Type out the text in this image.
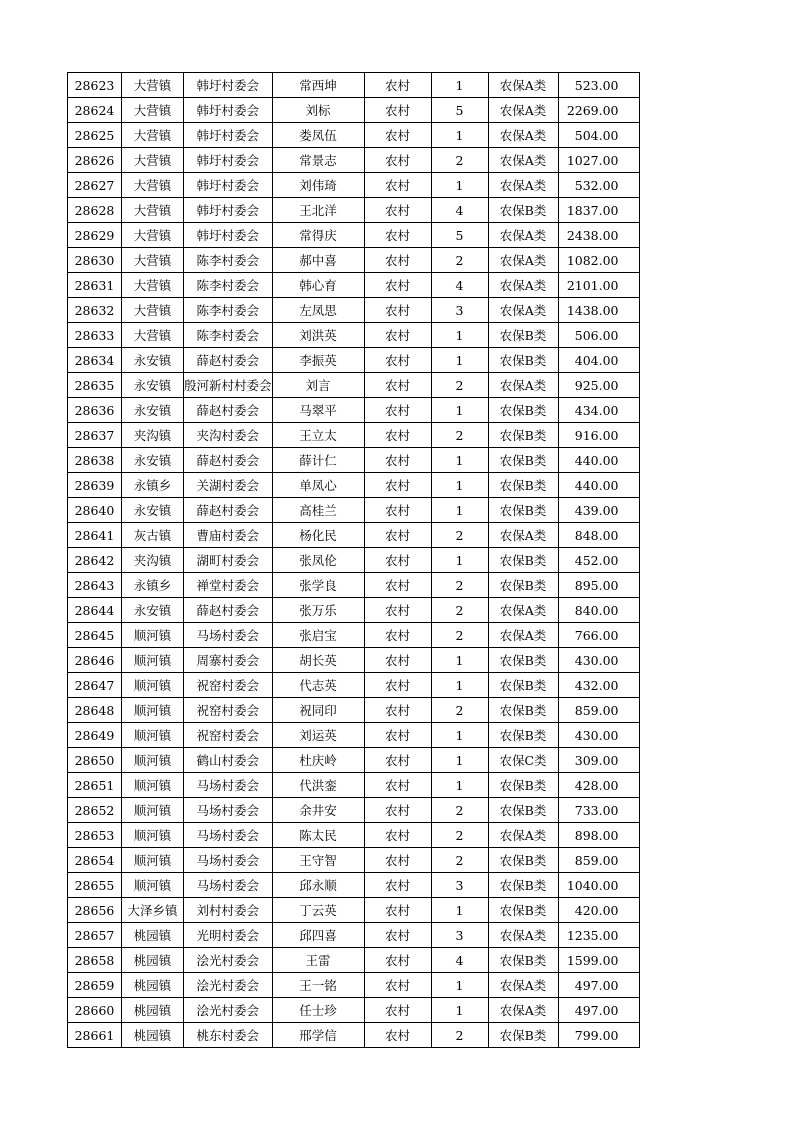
28623	大营镇	韩圩村委会	常西坤	农村	1	农保A类	523.00
28624	大营镇	韩圩村委会	刘标	农村	5	农保A类	2269.00
28625	大营镇	韩圩村委会	娄凤伍	农村	1	农保A类	504.00
28626	大营镇	韩圩村委会	常景志	农村	2	农保A类	1027.00
28627	大营镇	韩圩村委会	刘伟琦	农村	1	农保A类	532.00
28628	大营镇	韩圩村委会	王北洋	农村	4	农保B类	1837.00
28629	大营镇	韩圩村委会	常得庆	农村	5	农保A类	2438.00
28630	大营镇	陈李村委会	郝中喜	农村	2	农保A类	1082.00
28631	大营镇	陈李村委会	韩心育	农村	4	农保A类	2101.00
28632	大营镇	陈李村委会	左凤思	农村	3	农保A类	1438.00
28633	大营镇	陈李村委会	刘洪英	农村	1	农保B类	506.00
28634	永安镇	薛赵村委会	李振英	农村	1	农保B类	404.00
28635	永安镇	殷河新村村委会	刘言	农村	2	农保A类	925.00
28636	永安镇	薛赵村委会	马翠平	农村	1	农保B类	434.00
28637	夹沟镇	夹沟村委会	王立太	农村	2	农保B类	916.00
28638	永安镇	薛赵村委会	薛计仁	农村	1	农保B类	440.00
28639	永镇乡	关湖村委会	单凤心	农村	1	农保B类	440.00
28640	永安镇	薛赵村委会	高桂兰	农村	1	农保B类	439.00
28641	灰古镇	曹庙村委会	杨化民	农村	2	农保A类	848.00
28642	夹沟镇	湖町村委会	张凤伦	农村	1	农保B类	452.00
28643	永镇乡	禅堂村委会	张学良	农村	2	农保B类	895.00
28644	永安镇	薛赵村委会	张万乐	农村	2	农保A类	840.00
28645	顺河镇	马场村委会	张启宝	农村	2	农保A类	766.00
28646	顺河镇	周寨村委会	胡长英	农村	1	农保B类	430.00
28647	顺河镇	祝窑村委会	代志英	农村	1	农保B类	432.00
28648	顺河镇	祝窑村委会	祝同印	农村	2	农保B类	859.00
28649	顺河镇	祝窑村委会	刘运英	农村	1	农保B类	430.00
28650	顺河镇	鹤山村委会	杜庆岭	农村	1	农保C类	309.00
28651	顺河镇	马场村委会	代洪銮	农村	1	农保B类	428.00
28652	顺河镇	马场村委会	余井安	农村	2	农保B类	733.00
28653	顺河镇	马场村委会	陈太民	农村	2	农保A类	898.00
28654	顺河镇	马场村委会	王守智	农村	2	农保B类	859.00
28655	顺河镇	马场村委会	邱永顺	农村	3	农保B类	1040.00
28656	大泽乡镇	刘村村委会	丁云英	农村	1	农保B类	420.00
28657	桃园镇	光明村委会	邱四喜	农村	3	农保A类	1235.00
28658	桃园镇	浍光村委会	王雷	农村	4	农保B类	1599.00
28659	桃园镇	浍光村委会	王一铭	农村	1	农保A类	497.00
28660	桃园镇	浍光村委会	任士珍	农村	1	农保A类	497.00
28661	桃园镇	桃东村委会	邢学信	农村	2	农保B类	799.00
